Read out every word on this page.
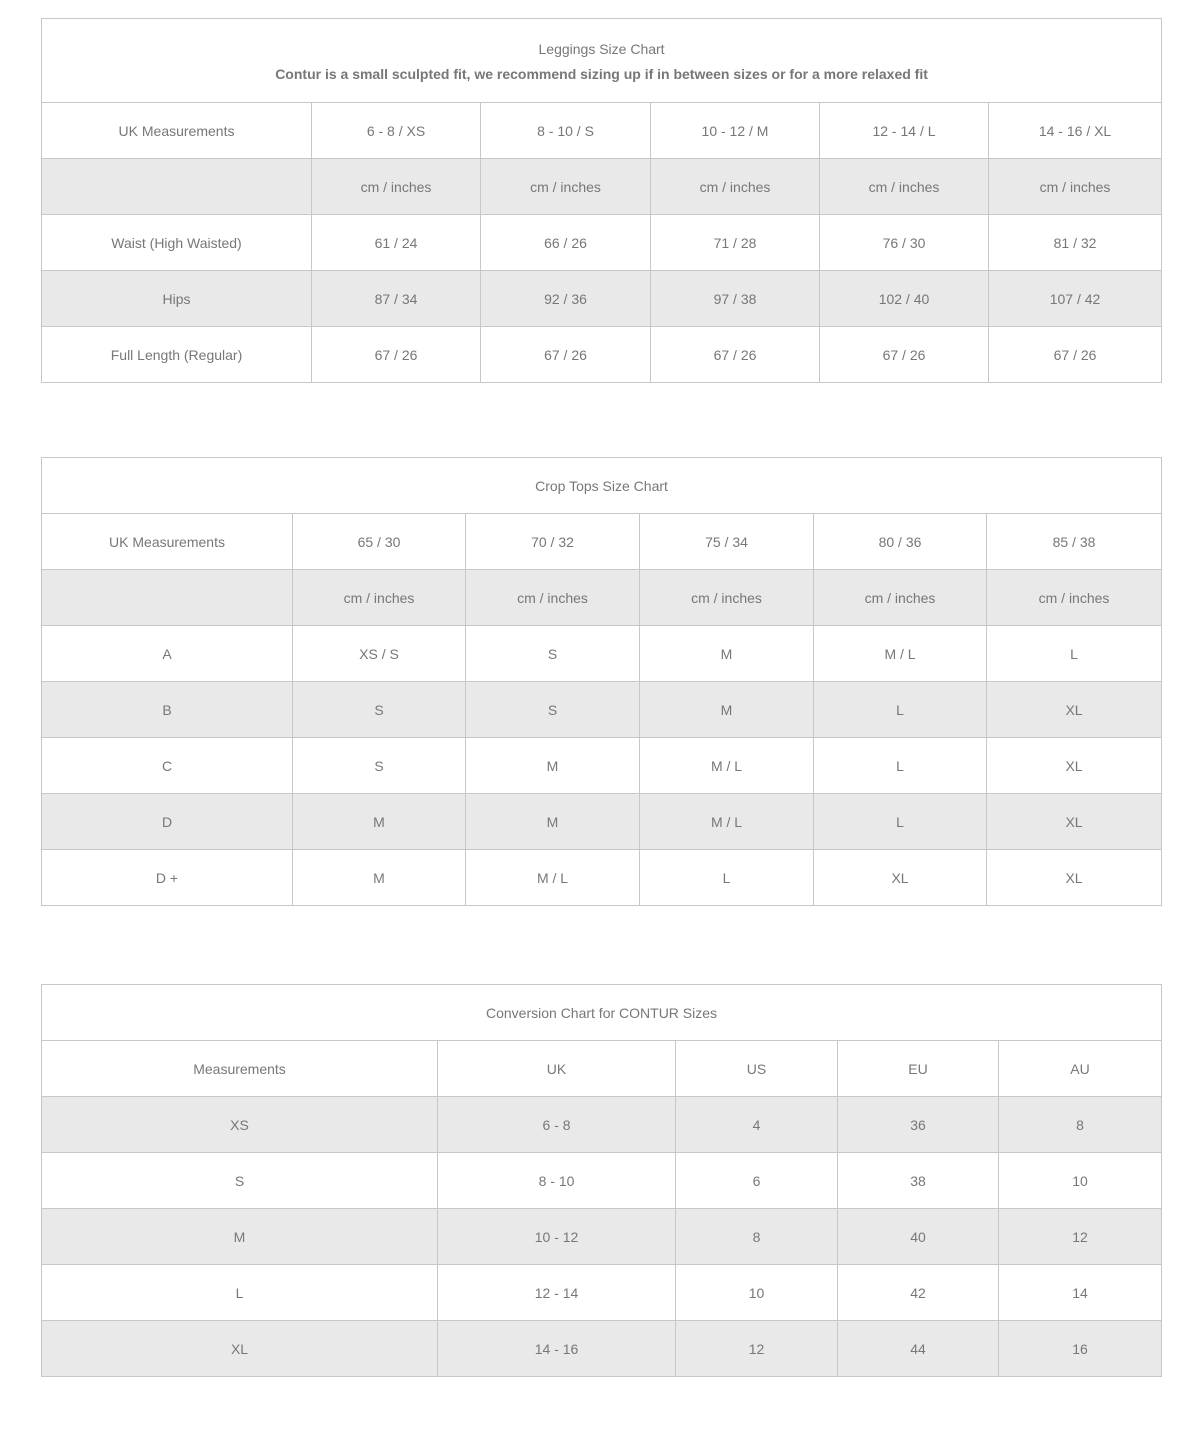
Leggings Size Chart
Contur is a small sculpted fit, we recommend sizing up if in between sizes or for a more relaxed fit					

UK Measurements	6 - 8 / XS	8 - 10 / S	10 - 12 / M	12 - 14 / L	14 - 16 / XL
	cm / inches	cm / inches	cm / inches	cm / inches	cm / inches
Waist (High Waisted)	61 / 24	66 / 26	71 / 28	76 / 30	81 / 32
Hips	87 / 34	92 / 36	97 / 38	102 / 40	107 / 42
Full Length (Regular)	67 / 26	67 / 26	67 / 26	67 / 26	67 / 26
Crop Tops Size Chart					
UK Measurements	65 / 30	70 / 32	75 / 34	80 / 36	85 / 38
	cm / inches	cm / inches	cm / inches	cm / inches	cm / inches
A	XS / S	S	M	M / L	L
B	S	S	M	L	XL
C	S	M	M / L	L	XL
D	M	M	M / L	L	XL
D +	M	M / L	L	XL	XL
Conversion Chart for CONTUR Sizes				
Measurements	UK	US	EU	AU
XS	6 - 8	4	36	8
S	8 - 10	6	38	10
M	10 - 12	8	40	12
L	12 - 14	10	42	14
XL	14 - 16	12	44	16
